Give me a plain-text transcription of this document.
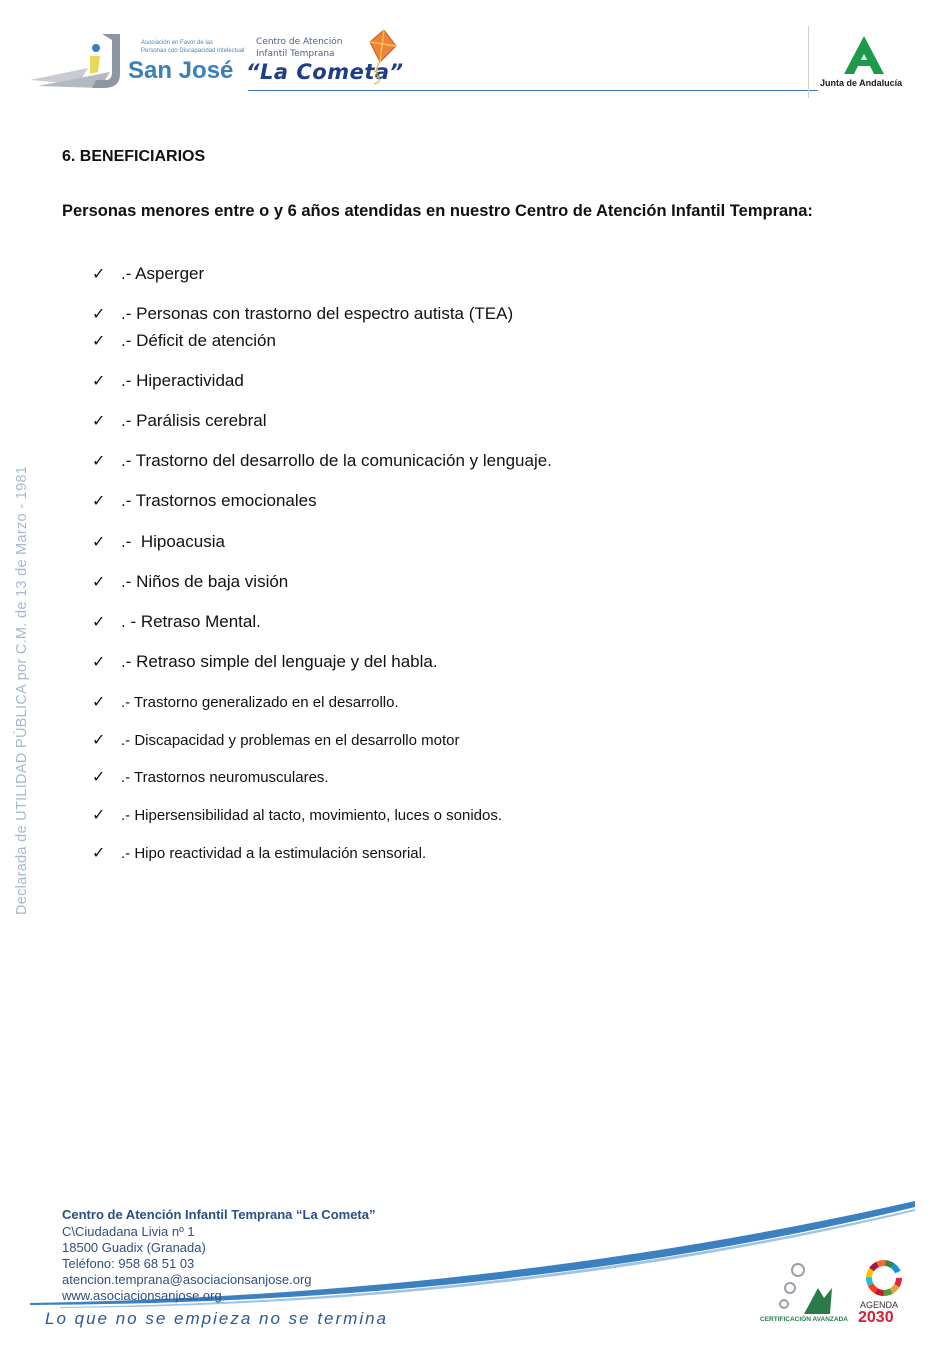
Asociación en Favor de las
Personas con Discapacidad Intelectual
San José
Centro de Atención
Infantil Temprana
“La Cometa”	Junta de Andalucía
Declarada de UTILIDAD PÚBLICA por C.M. de 13 de Marzo - 1981
6. BENEFICIARIOS
Personas menores entre o y 6 años atendidas en nuestro Centro de Atención Infantil Temprana:
✓ .- Asperger
✓ .- Personas con trastorno del espectro autista (TEA)
✓ .- Déficit de atención
✓ .- Hiperactividad
✓ .- Parálisis cerebral
✓ .- Trastorno del desarrollo de la comunicación y lenguaje.
✓ .- Trastornos emocionales
✓ .-  Hipoacusia
✓ .- Niños de baja visión
✓ . - Retraso Mental.
✓ .- Retraso simple del lenguaje y del habla.
✓ .- Trastorno generalizado en el desarrollo.
✓ .- Discapacidad y problemas en el desarrollo motor
✓ .- Trastornos neuromusculares.
✓ .- Hipersensibilidad al tacto, movimiento, luces o sonidos.
✓ .- Hipo reactividad a la estimulación sensorial.
Centro de Atención Infantil Temprana “La Cometa”
C\Ciudadana Livia nº 1
18500 Guadix (Granada)
Teléfono: 958 68 51 03
atencion.temprana@asociacionsanjose.org
www.asociacionsanjose.org
Lo que no se empieza no se termina	CERTIFICACIÓN AVANZADA
AGENDA
2030
